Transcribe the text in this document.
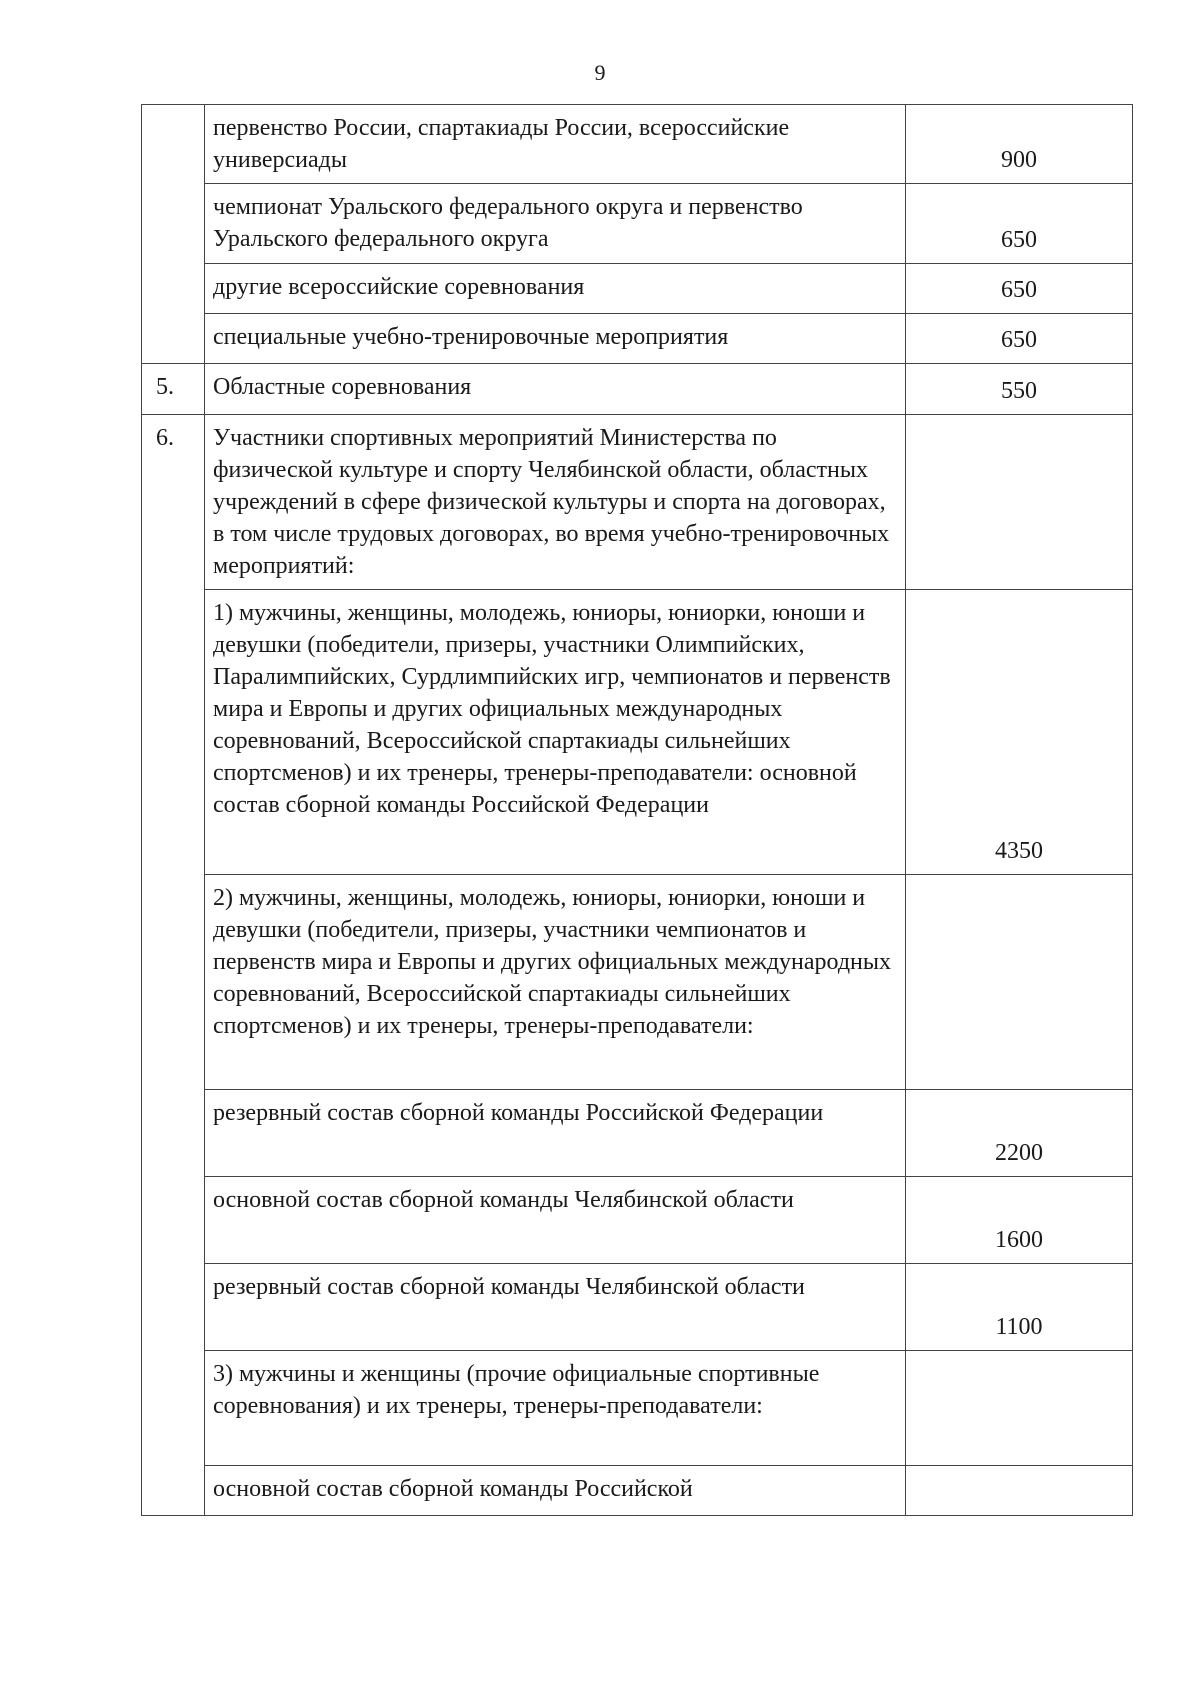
9
	первенство России, спартакиады России, всероссийские универсиады	900
	чемпионат Уральского федерального округа и первенство Уральского федерального округа	650
	другие всероссийские соревнования	650
	специальные учебно-тренировочные мероприятия	650
5.	Областные соревнования	550
6.	Участники спортивных мероприятий Министерства по физической культуре и спорту Челябинской области, областных учреждений в сфере физической культуры и спорта на договорах, в том числе трудовых договорах, во время учебно-тренировочных мероприятий:	
	1) мужчины, женщины, молодежь, юниоры, юниорки, юноши и девушки (победители, призеры, участники Олимпийских, Паралимпийских, Сурдлимпийских игр, чемпионатов и первенств мира и Европы и других официальных международных соревнований, Всероссийской спартакиады сильнейших спортсменов) и их тренеры, тренеры-преподаватели: основной состав сборной команды Российской Федерации	4350
	2) мужчины, женщины, молодежь, юниоры, юниорки, юноши и девушки (победители, призеры, участники чемпионатов и первенств мира и Европы и других официальных международных соревнований, Всероссийской спартакиады сильнейших спортсменов) и их тренеры, тренеры-преподаватели:	
	резервный состав сборной команды Российской Федерации	2200
	основной состав сборной команды Челябинской области	1600
	резервный состав сборной команды Челябинской области	1100
	3) мужчины и женщины (прочие официальные спортивные соревнования) и их тренеры, тренеры-преподаватели:	
	основной состав сборной команды Российской	
